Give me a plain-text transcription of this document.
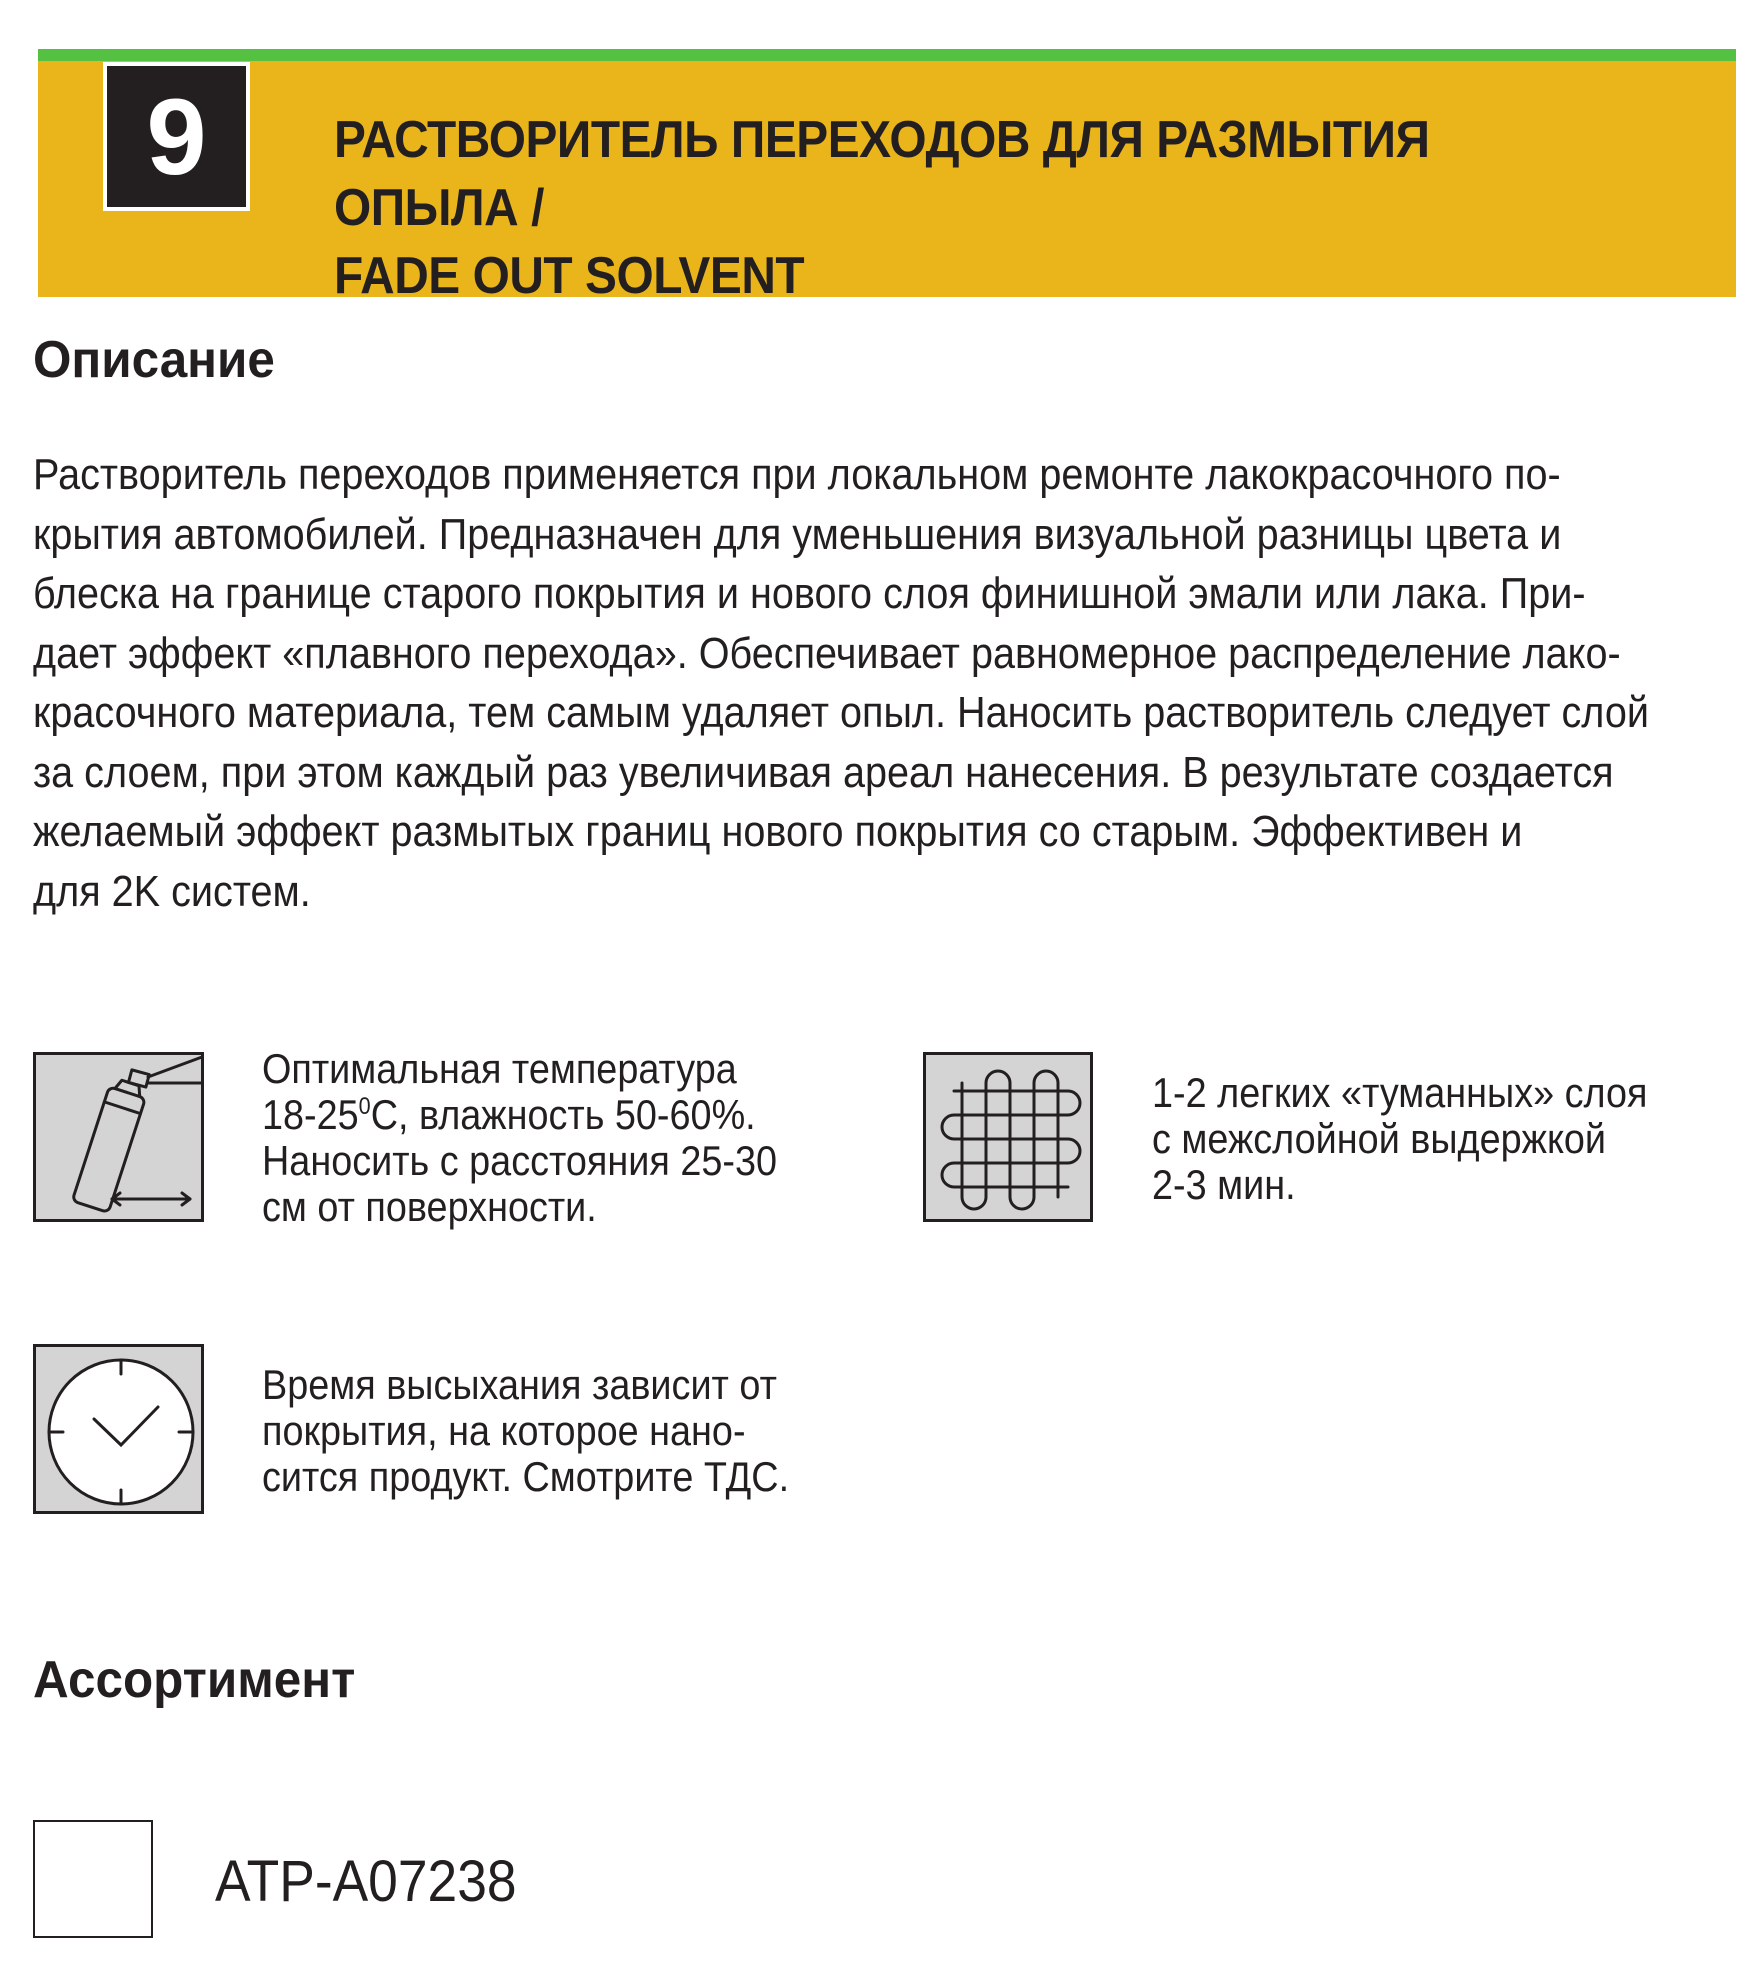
9	РАСТВОРИТЕЛЬ ПЕРЕХОДОВ ДЛЯ РАЗМЫТИЯ ОПЫЛА /
FADE OUT SOLVENT
Описание
Растворитель переходов применяется при локальном ремонте лакокрасочного по-
крытия автомобилей. Предназначен для уменьшения визуальной разницы цвета и
блеска на границе старого покрытия и нового слоя финишной эмали или лака. При-
дает эффект «плавного перехода». Обеспечивает равномерное распределение лако-
красочного материала, тем самым удаляет опыл. Наносить растворитель следует слой
за слоем, при этом каждый раз увеличивая ареал нанесения. В результате создается
желаемый эффект размытых границ нового покрытия со старым. Эффективен и
для 2K систем.
Оптимальная температура
$18-25^0С$, влажность 50-60%.
Наносить с расстояния 25-30
см от поверхности.
1-2 легких «туманных» слоя
с межслойной выдержкой
2-3 мин.
Время высыхания зависит от
покрытия, на которое нано-
сится продукт. Смотрите ТДС.
Ассортимент
ATP-A07238
